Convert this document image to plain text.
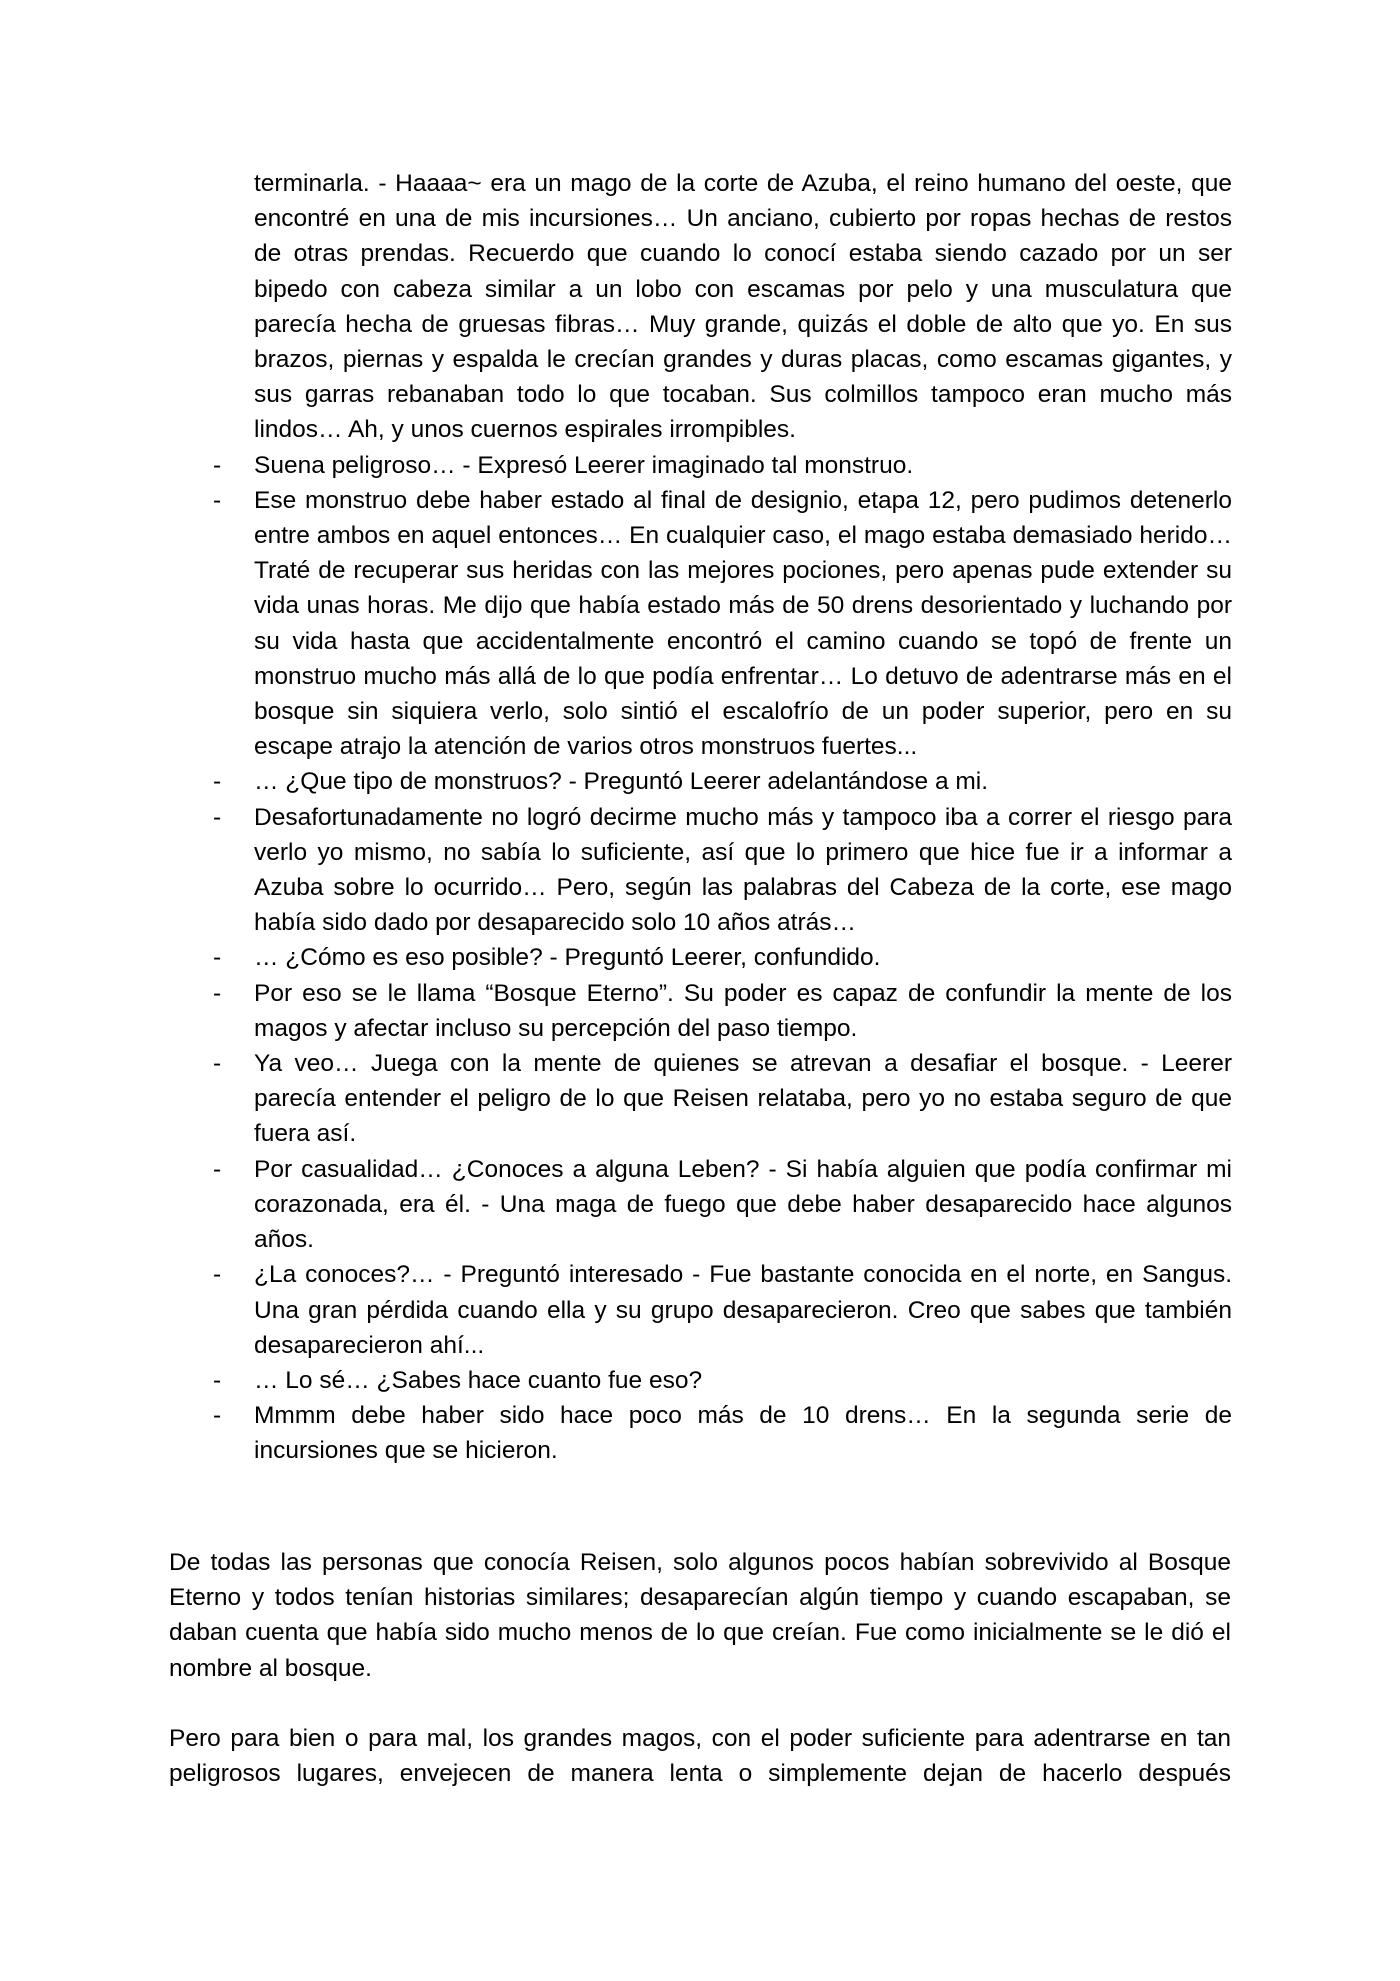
terminarla. - Haaaa~ era un mago de la corte de Azuba, el reino humano del oeste, que encontré en una de mis incursiones… Un anciano, cubierto por ropas hechas de restos de otras prendas. Recuerdo que cuando lo conocí estaba siendo cazado por un ser bipedo con cabeza similar a un lobo con escamas por pelo y una musculatura que parecía hecha de gruesas fibras… Muy grande, quizás el doble de alto que yo. En sus brazos, piernas y espalda le crecían grandes y duras placas, como escamas gigantes, y sus garras rebanaban todo lo que tocaban. Sus colmillos tampoco eran mucho más lindos… Ah, y unos cuernos espirales irrompibles.
- Suena peligroso… - Expresó Leerer imaginado tal monstruo.
- Ese monstruo debe haber estado al final de designio, etapa 12, pero pudimos detenerlo entre ambos en aquel entonces… En cualquier caso, el mago estaba demasiado herido… Traté de recuperar sus heridas con las mejores pociones, pero apenas pude extender su vida unas horas. Me dijo que había estado más de 50 drens desorientado y luchando por su vida hasta que accidentalmente encontró el camino cuando se topó de frente un monstruo mucho más allá de lo que podía enfrentar… Lo detuvo de adentrarse más en el bosque sin siquiera verlo, solo sintió el escalofrío de un poder superior, pero en su escape atrajo la atención de varios otros monstruos fuertes...
- … ¿Que tipo de monstruos? - Preguntó Leerer adelantándose a mi.
- Desafortunadamente no logró decirme mucho más y tampoco iba a correr el riesgo para verlo yo mismo, no sabía lo suficiente, así que lo primero que hice fue ir a informar a Azuba sobre lo ocurrido… Pero, según las palabras del Cabeza de la corte, ese mago había sido dado por desaparecido solo 10 años atrás…
- … ¿Cómo es eso posible? - Preguntó Leerer, confundido.
- Por eso se le llama “Bosque Eterno”. Su poder es capaz de confundir la mente de los magos y afectar incluso su percepción del paso tiempo.
- Ya veo… Juega con la mente de quienes se atrevan a desafiar el bosque. - Leerer parecía entender el peligro de lo que Reisen relataba, pero yo no estaba seguro de que fuera así.
- Por casualidad… ¿Conoces a alguna Leben? - Si había alguien que podía confirmar mi corazonada, era él. - Una maga de fuego que debe haber desaparecido hace algunos años.
- ¿La conoces?… - Preguntó interesado - Fue bastante conocida en el norte, en Sangus. Una gran pérdida cuando ella y su grupo desaparecieron. Creo que sabes que también desaparecieron ahí...
- … Lo sé… ¿Sabes hace cuanto fue eso?
- Mmmm debe haber sido hace poco más de 10 drens… En la segunda serie de incursiones que se hicieron.

De todas las personas que conocía Reisen, solo algunos pocos habían sobrevivido al Bosque Eterno y todos tenían historias similares; desaparecían algún tiempo y cuando escapaban, se daban cuenta que había sido mucho menos de lo que creían. Fue como inicialmente se le dió el nombre al bosque.

Pero para bien o para mal, los grandes magos, con el poder suficiente para adentrarse en tan peligrosos lugares, envejecen de manera lenta o simplemente dejan de hacerlo después
